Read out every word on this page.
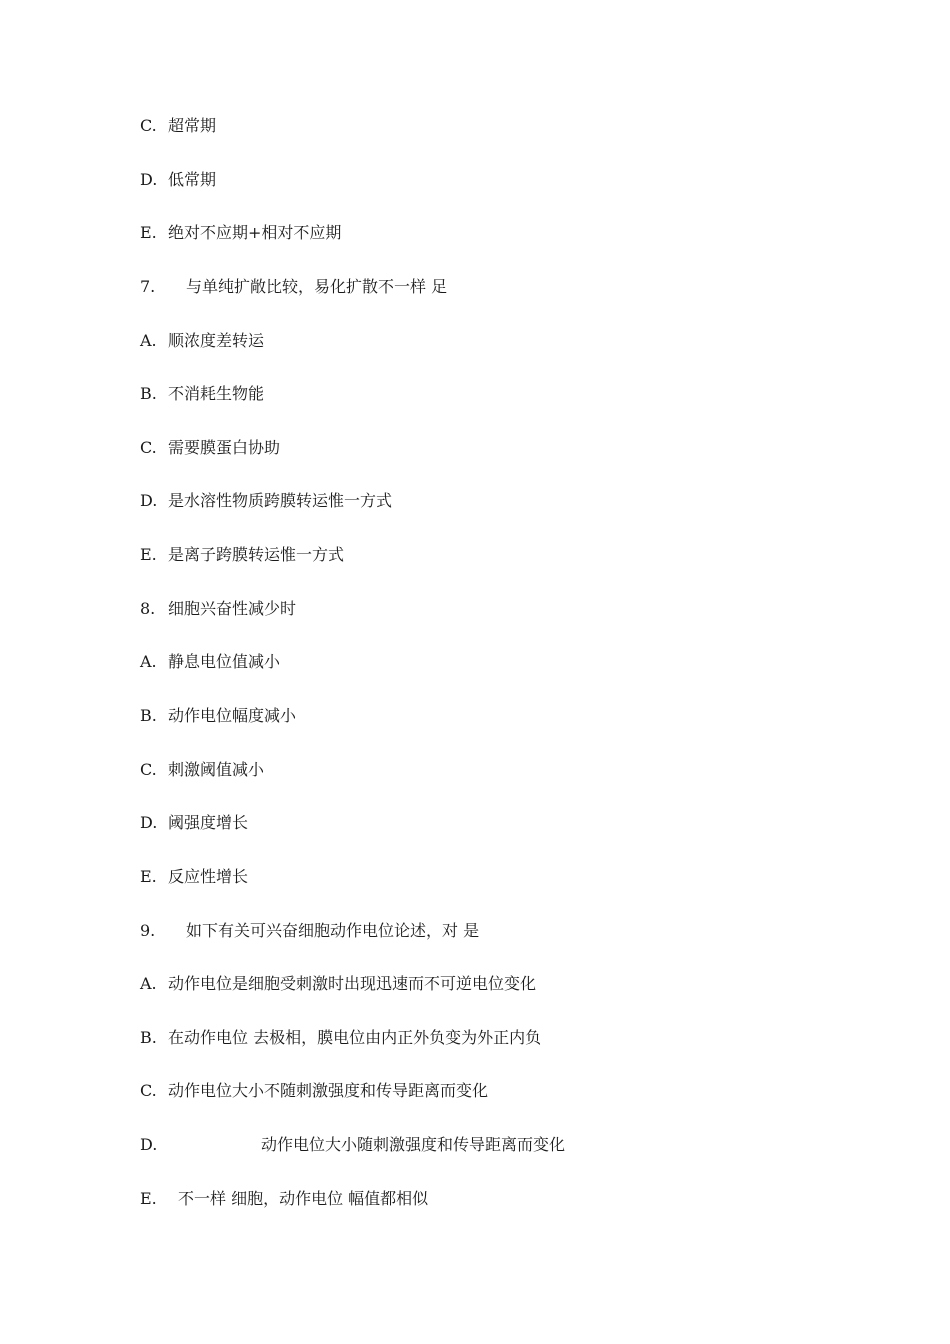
C. 超常期
D. 低常期
E. 绝对不应期+相对不应期
7. 与单纯扩敞比较，易化扩散不一样 足
A. 顺浓度差转运
B. 不消耗生物能
C. 需要膜蛋白协助
D. 是水溶性物质跨膜转运惟一方式
E. 是离子跨膜转运惟一方式
8. 细胞兴奋性减少时
A. 静息电位值减小
B. 动作电位幅度减小
C. 刺激阈值减小
D. 阈强度增长
E. 反应性增长
9. 如下有关可兴奋细胞动作电位论述，对 是
A. 动作电位是细胞受刺激时出现迅速而不可逆电位变化
B. 在动作电位 去极相，膜电位由内正外负变为外正内负
C. 动作电位大小不随刺激强度和传导距离而变化
D.	动作电位大小随刺激强度和传导距离而变化
E. 不一样 细胞，动作电位 幅值都相似
